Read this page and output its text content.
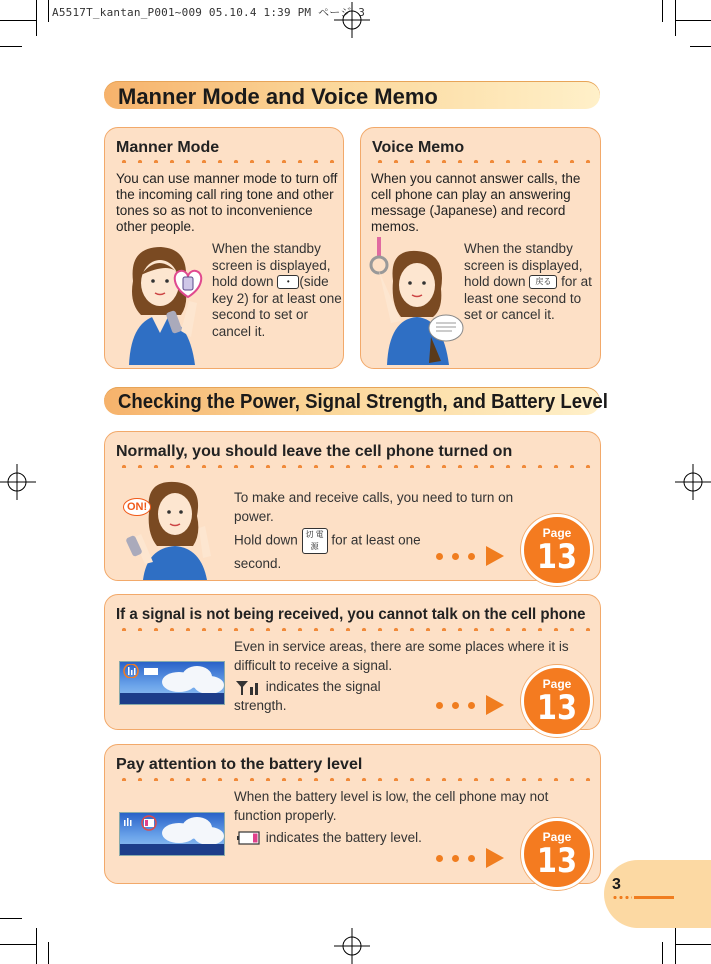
A5517T_kantan_P001~009 05.10.4 1:39 PM ページ 3
Manner Mode and Voice Memo
Manner Mode
You can use manner mode to turn off the incoming call ring tone and other tones so as not to inconvenience other people.
When the standby screen is displayed, hold down • (side key 2) for at least one second to set or cancel it.
Voice Memo
When you cannot answer calls, the cell phone can play an answering message (Japanese) and record memos.
When the standby screen is displayed, hold down 戻る for at least one second to set or cancel it.
Checking the Power, Signal Strength, and Battery Level
Normally, you should leave the cell phone turned on
ON!
To make and receive calls, you need to turn on power.
Hold down 切 電源 for at least one second.
Page
13
If a signal is not being received, you cannot talk on the cell phone
Even in service areas, there are some places where it is difficult to receive a signal.
indicates the signal strength.
Page
13
Pay attention to the battery level
When the battery level is low, the cell phone may not function properly.
indicates the battery level.	Page
13
3
